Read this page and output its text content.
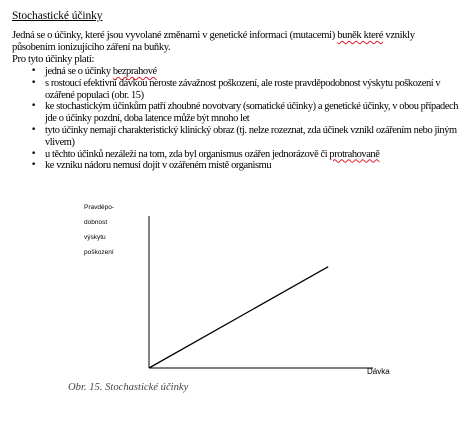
Stochastické účinky

Jedná se o účinky, které jsou vyvolané změnami v genetické informaci (mutacemi) buněk které vznikly

působením ionizujícího záření na buňky.

Pro tyto účinky platí:

• jedná se o účinky bezprahové
• s rostoucí efektivní dávkou neroste závažnost poškození, ale roste pravděpodobnost výskytu poškození v ozářené populaci (obr. 15)
• ke stochastickým účinkům patří zhoubné novotvary (somatické účinky) a genetické účinky, v obou případech jde o účinky pozdní, doba latence může být mnoho let
• tyto účinky nemají charakteristický klinický obraz (tj. nelze rozeznat, zda účinek vznikl ozářením nebo jiným vlivem)
• u těchto účinků nezáleží na tom, zda byl organismus ozářen jednorázově či protrahovaně
• ke vzniku nádoru nemusí dojít v ozářeném místě organismu
Pravděpo-
dobnost
výskytu
poškození
Dávka
Obr. 15. Stochastické účinky
